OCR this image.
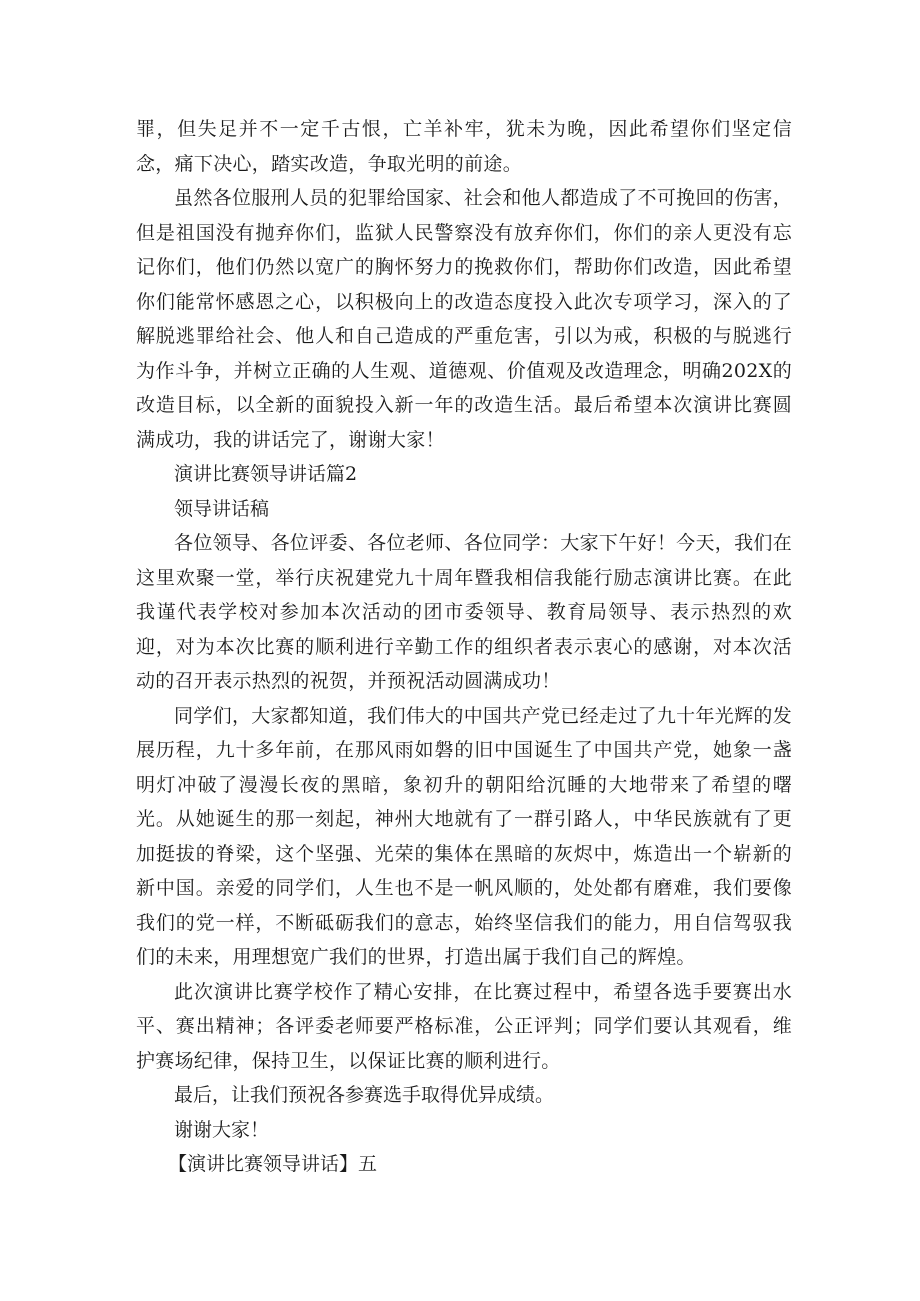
罪，但失足并不一定千古恨，亡羊补牢，犹未为晚，因此希望你们坚定信念，痛下决心，踏实改造，争取光明的前途。

虽然各位服刑人员的犯罪给国家、社会和他人都造成了不可挽回的伤害，但是祖国没有抛弃你们，监狱人民警察没有放弃你们，你们的亲人更没有忘记你们，他们仍然以宽广的胸怀努力的挽救你们，帮助你们改造，因此希望你们能常怀感恩之心，以积极向上的改造态度投入此次专项学习，深入的了解脱逃罪给社会、他人和自己造成的严重危害，引以为戒，积极的与脱逃行为作斗争，并树立正确的人生观、道德观、价值观及改造理念，明确202X的改造目标，以全新的面貌投入新一年的改造生活。最后希望本次演讲比赛圆满成功，我的讲话完了，谢谢大家！

演讲比赛领导讲话篇2

领导讲话稿

各位领导、各位评委、各位老师、各位同学：大家下午好！今天，我们在这里欢聚一堂，举行庆祝建党九十周年暨我相信我能行励志演讲比赛。在此我谨代表学校对参加本次活动的团市委领导、教育局领导、表示热烈的欢迎，对为本次比赛的顺利进行辛勤工作的组织者表示衷心的感谢，对本次活动的召开表示热烈的祝贺，并预祝活动圆满成功！

同学们，大家都知道，我们伟大的中国共产党已经走过了九十年光辉的发展历程，九十多年前，在那风雨如磐的旧中国诞生了中国共产党，她象一盏明灯冲破了漫漫长夜的黑暗，象初升的朝阳给沉睡的大地带来了希望的曙光。从她诞生的那一刻起，神州大地就有了一群引路人，中华民族就有了更加挺拔的脊梁，这个坚强、光荣的集体在黑暗的灰烬中，炼造出一个崭新的新中国。亲爱的同学们，人生也不是一帆风顺的，处处都有磨难，我们要像我们的党一样，不断砥砺我们的意志，始终坚信我们的能力，用自信驾驭我们的未来，用理想宽广我们的世界，打造出属于我们自己的辉煌。

此次演讲比赛学校作了精心安排，在比赛过程中，希望各选手要赛出水平、赛出精神；各评委老师要严格标准，公正评判；同学们要认其观看，维护赛场纪律，保持卫生，以保证比赛的顺利进行。

最后，让我们预祝各参赛选手取得优异成绩。

谢谢大家！

【演讲比赛领导讲话】五
